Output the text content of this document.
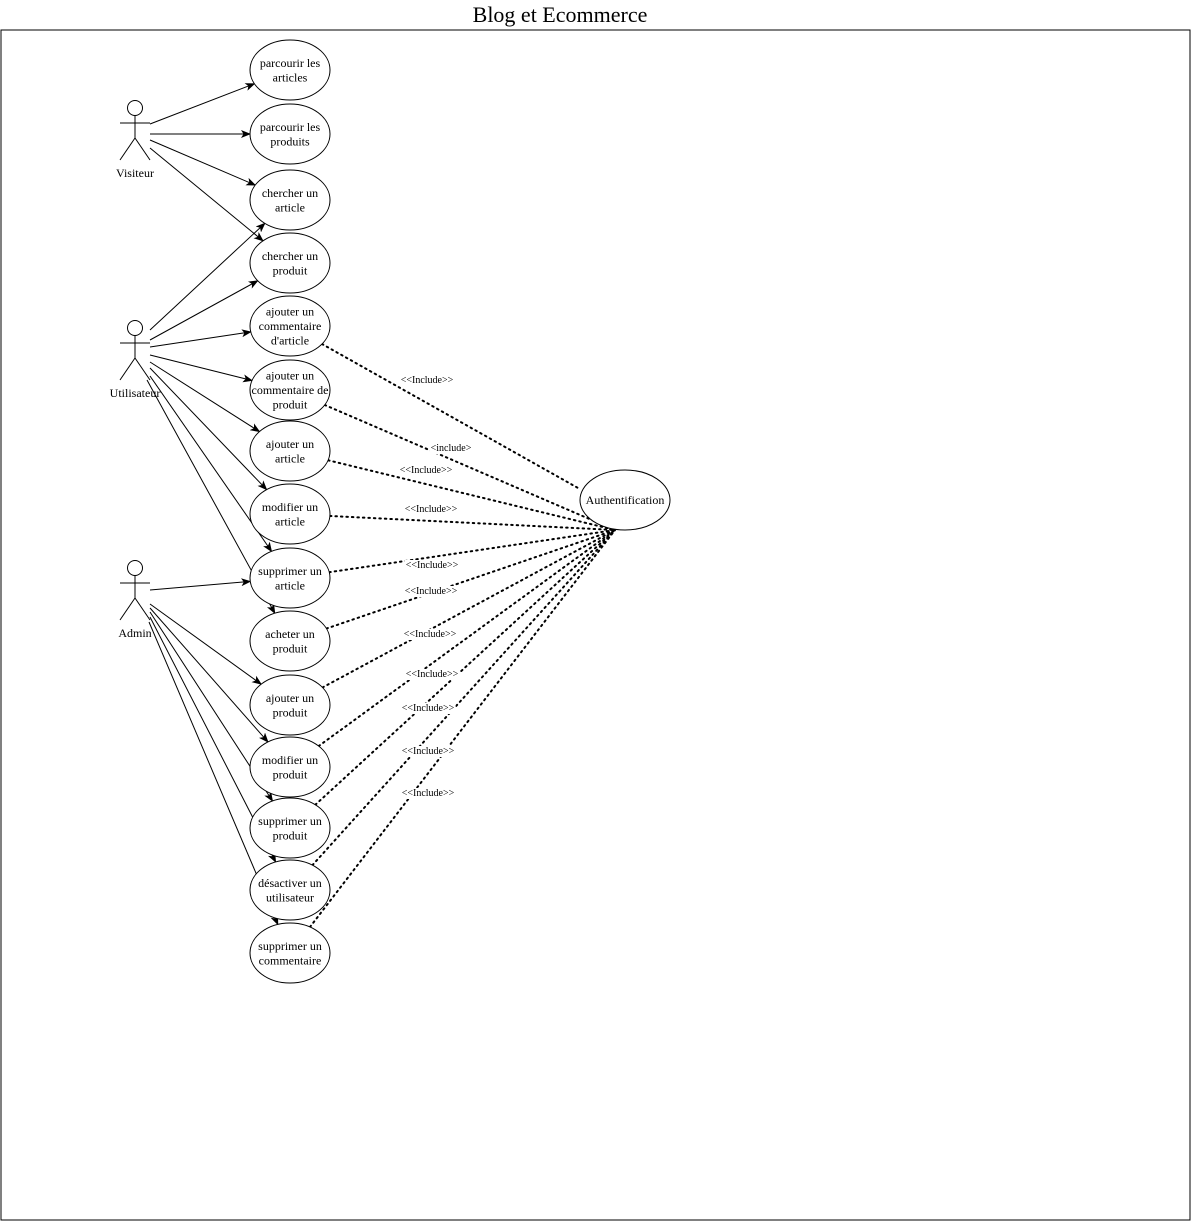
Blog et Ecommerce
parcourir les
articles
parcourir les
produits
chercher un
article
chercher un
produit
ajouter un
commentaire
d'article
ajouter un
commentaire de
produit
ajouter un
article
modifier un
article
supprimer un
article
acheter un
produit
ajouter un
produit
modifier un
produit
supprimer un
produit
désactiver un
utilisateur
supprimer un
commentaire
Authentification
Visiteur
Utilisateur
Admin
<<Include>>
<include>
<<Include>>
<<Include>>
<<Include>>
<<Include>>
<<Include>>
<<Include>>
<<Include>>
<<Include>>
<<Include>>
